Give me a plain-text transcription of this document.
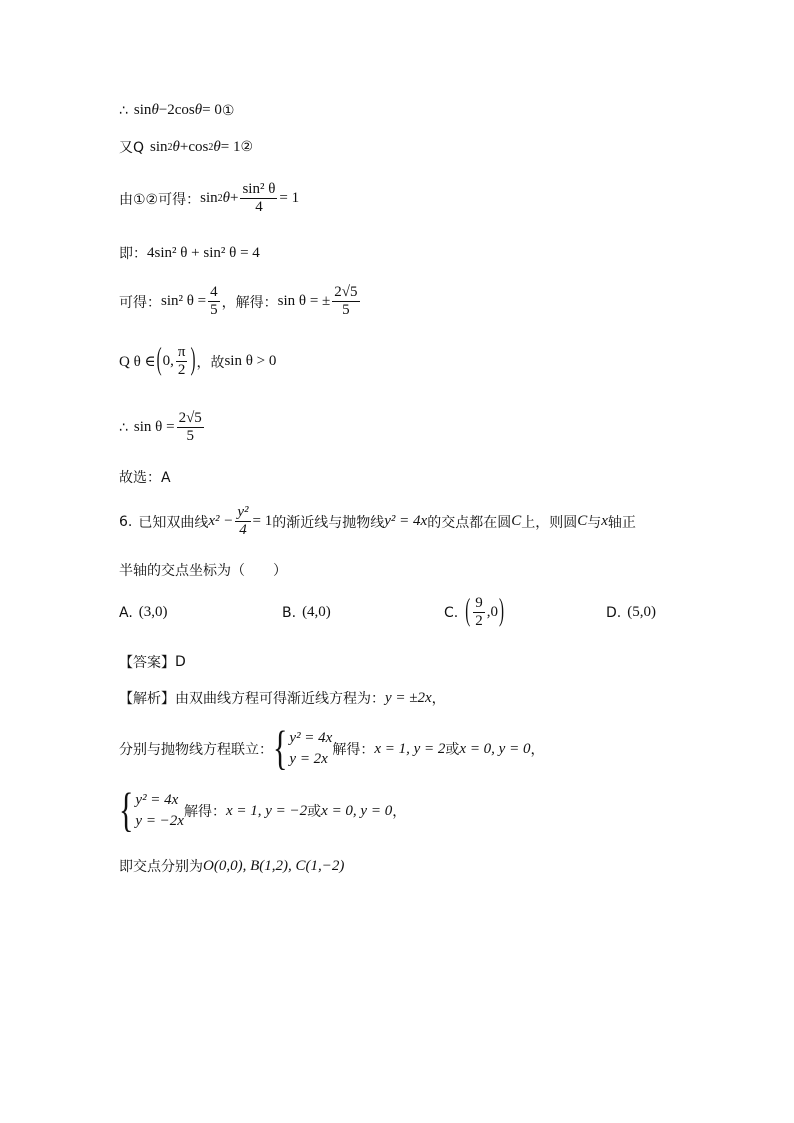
∴ sin θ −2cos θ = 0 ①
又Q sin 2 θ +cos 2 θ = 1 ②
由①②可得： sin 2 $\theta + \frac{\text{sin² θ}}{4} = 1$
即： 4sin² θ + sin² θ = 4
可得： sin² $\theta = \frac{4}{5}$ ，解得： sin θ = ± $\frac{2√5}{5}$
Q θ ∈ ( 0, $\frac{\pi}{2}$ ) ，故 sin θ > 0
∴ $\sin \theta = \frac{2√5}{5}$
故选：A
6. 已知双曲线 $x^2 - \frac{\text{y²}}{4} = 1$ 的渐近线与抛物线 y² = 4x 的交点都在圆 C 上，则圆 C 与 x 轴正
半轴的交点坐标为（　　）
A. (3,0)	B. (4,0)	C. ( $\frac{9}{2} ,0$ )	D. (5,0)
【答案】 D
【解析】 由双曲线方程可得渐近线方程为： y = ±2x ，
分别与抛物线方程联立： { y² = 4x
y = 2x
解得： x = 1, y = 2 或 x = 0, y = 0 ，
{ y² = 4x
y = −2x
解得： x = 1, y = −2 或 x = 0, y = 0 ，
即交点分别为 O(0,0), B(1,2), C(1,−2)
